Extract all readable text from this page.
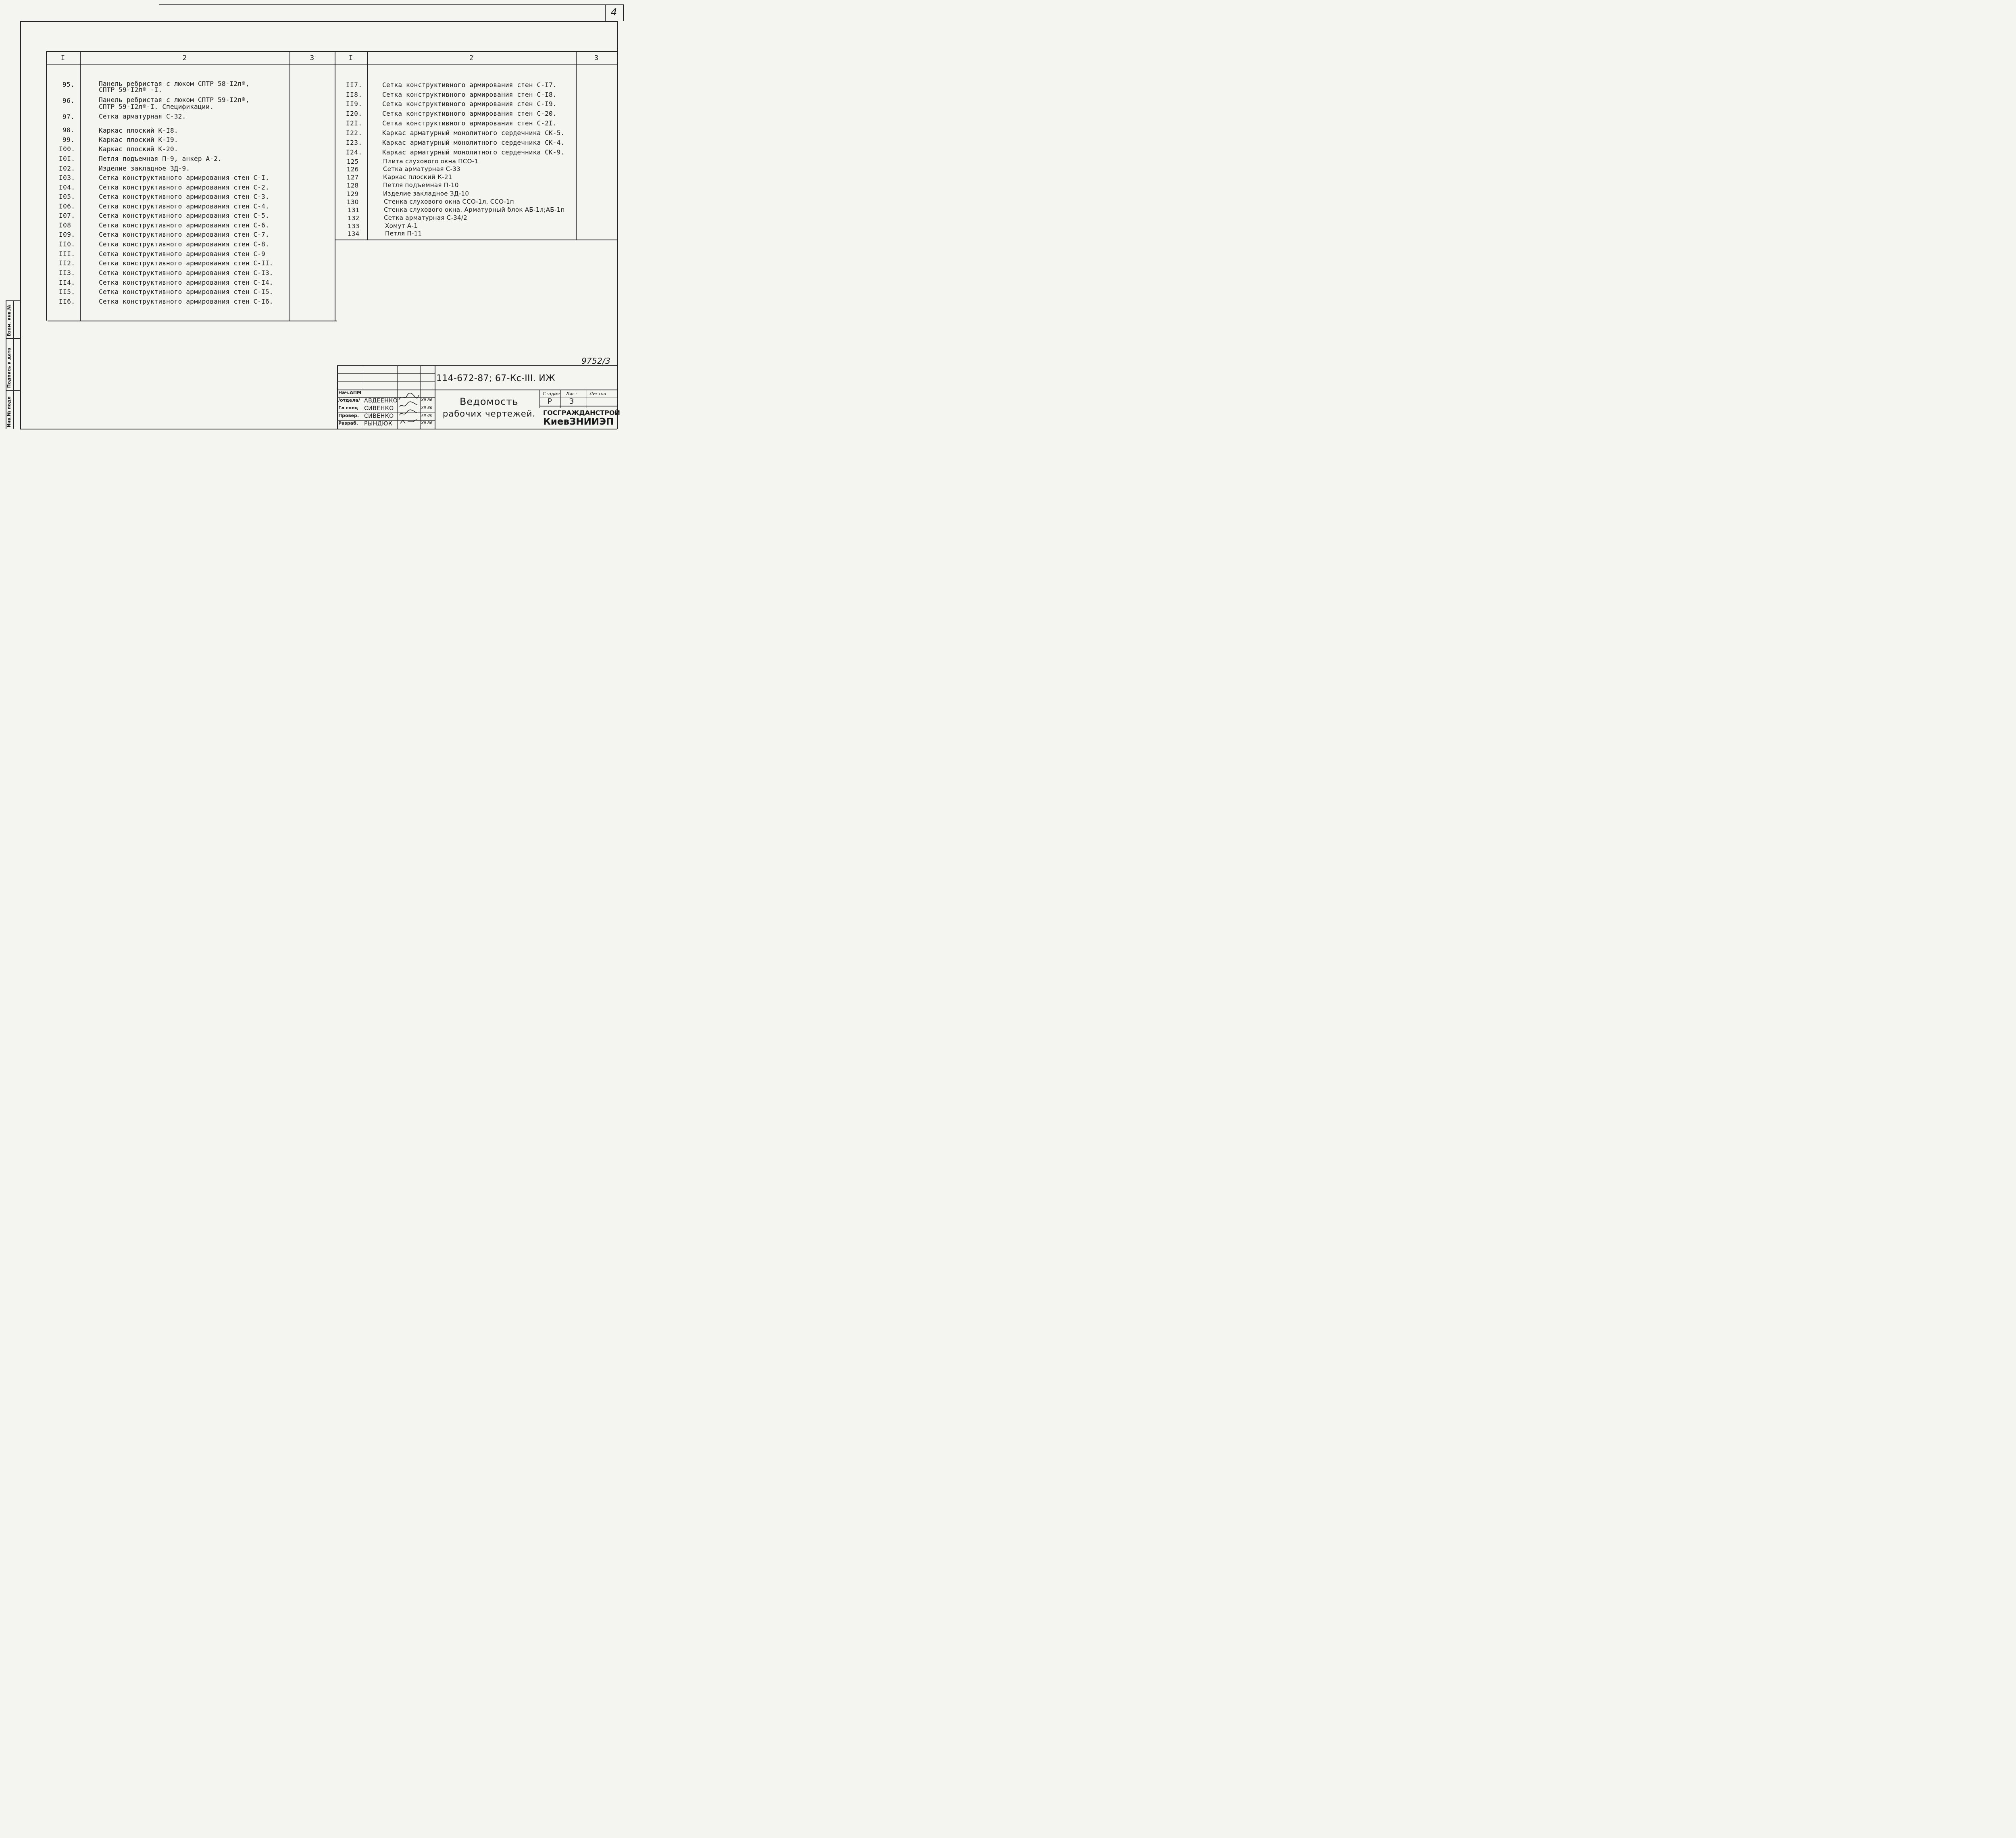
4
Инв.№ подл
Подпись и дата
Взам. инв.№
I	2	3	I	2	3
95.	Панель ребристая с люком СПТР 58-I2лª,
СПТР 59-I2лª -I.
96.	Панель ребристая с люком СПТР 59-I2лª,
СПТР 59-I2лª-I. Спецификации.
97.	Сетка арматурная С-32.
98.	Каркас плоский К-I8.
99.	Каркас плоский К-I9.
I00.	Каркас плоский К-20.
I0I.	Петля подъемная П-9, анкер А-2.
I02.	Изделие закладное ЗД-9.
I03.	Сетка конструктивного армирования стен С-I.
I04.	Сетка конструктивного армирования стен С-2.
I05.	Сетка конструктивного армирования стен С-3.
I06.	Сетка конструктивного армирования стен С-4.
I07.	Сетка конструктивного армирования стен С-5.
I08	Сетка конструктивного армирования стен С-6.
I09.	Сетка конструктивного армирования стен С-7.
II0.	Сетка конструктивного армирования стен С-8.
III.	Сетка конструктивного армирования стен С-9
II2.	Сетка конструктивного армирования стен С-II.
II3.	Сетка конструктивного армирования стен С-I3.
II4.	Сетка конструктивного армирования стен С-I4.
II5.	Сетка конструктивного армирования стен С-I5.
II6.	Сетка конструктивного армирования стен С-I6.
II7.	Сетка конструктивного армирования стен С-I7.
II8.	Сетка конструктивного армирования стен С-I8.
II9.	Сетка конструктивного армирования стен С-I9.
I20.	Сетка конструктивного армирования стен С-20.
I2I.	Сетка конструктивного армирования стен С-2I.
I22.	Каркас арматурный монолитного сердечника СК-5.
I23.	Каркас арматурный монолитного сердечника СК-4.
I24.	Каркас арматурный монолитного сердечника СК-9.
125	Плита слухового окна ПСО-1
126	Сетка арматурная С-33
127	Каркас плоский К-21
128	Петля подъемная П-10
129	Изделие закладное ЗД-10
130	Стенка слухового окна ССО-1л, ССО-1п
131	Стенка слухового окна. Арматурный блок АБ-1л;АБ-1п
132	Сетка арматурная С-34/2
133	Хомут А-1
134	Петля П-11
9752/3
114-672-87; 67-Кс-III. ИЖ
Нач.АПМ
/отдела/
Гл спец
Провер.
Разраб.
АВДЕЕНКО
СИВЕНКО
СИВЕНКО
РЫНДЮК
XII 86
XII 86
XII 86
XII 86
Ведомость
рабочих чертежей.
Стадия Лист	Листов
Р 3
ГОСГРАЖДАНСТРОЙ
КиевЗНИИЭП
